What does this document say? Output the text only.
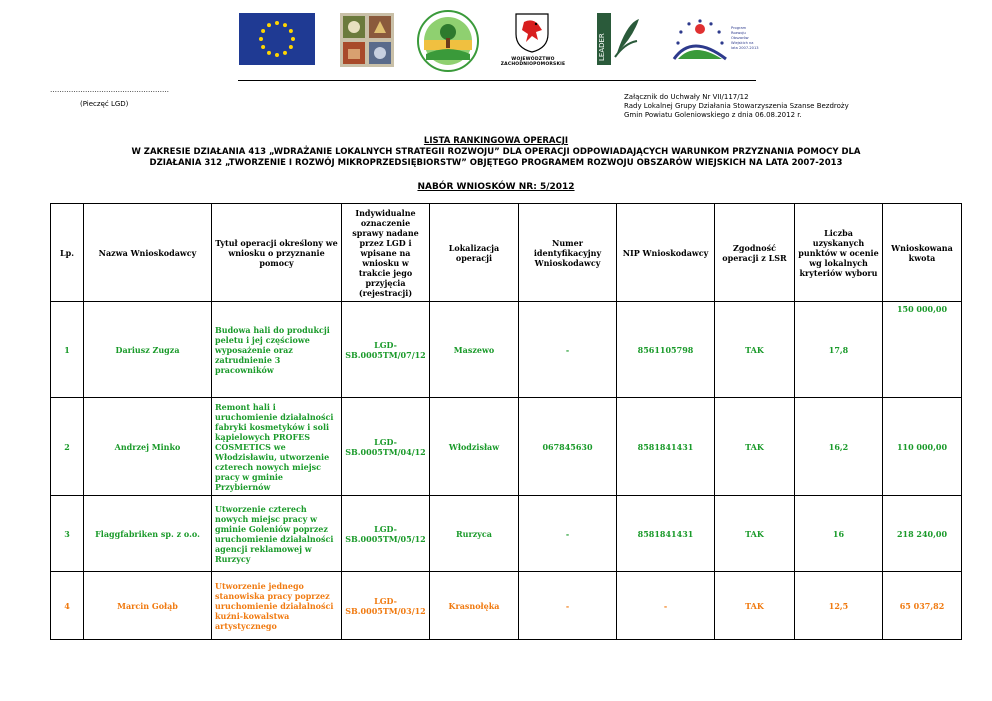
WOJEWÓDZTWO
ZACHODNIOPOMORSKIE
LEADER
Program Rozwoju Obszarów Wiejskich na lata 2007-2013
……………………………………………
(Pieczęć LGD)
Załącznik do Uchwały Nr VII/117/12
Rady Lokalnej Grupy Działania Stowarzyszenia Szanse Bezdroży
Gmin Powiatu Goleniowskiego z dnia 06.08.2012 r.
LISTA RANKINGOWA OPERACJI
W ZAKRESIE DZIAŁANIA 413 „WDRAŻANIE LOKALNYCH STRATEGII ROZWOJU” DLA OPERACJI ODPOWIADAJĄCYCH WARUNKOM PRZYZNANIA POMOCY DLA
DZIAŁANIA 312 „TWORZENIE I ROZWÓJ MIKROPRZEDSIĘBIORSTW” OBJĘTEGO PROGRAMEM ROZWOJU OBSZARÓW WIEJSKICH NA LATA 2007-2013
NABÓR WNIOSKÓW NR: 5/2012
Lp.	Nazwa Wnioskodawcy	Tytuł operacji określony we wniosku o przyznanie pomocy	Indywidualne oznaczenie sprawy nadane przez LGD i wpisane na wniosku w trakcie jego przyjęcia (rejestracji)	Lokalizacja operacji	Numer identyfikacyjny Wnioskodawcy	NIP Wnioskodawcy	Zgodność operacji z LSR	Liczba uzyskanych punktów w ocenie wg lokalnych kryteriów wyboru	Wnioskowana kwota
1	Dariusz Zugza	Budowa hali do produkcji peletu i jej częściowe wyposażenie oraz zatrudnienie 3 pracowników	LGD-SB.0005TM/07/12	Maszewo	-	8561105798	TAK	17,8	150 000,00
2	Andrzej Minko	Remont hali i uruchomienie działalności fabryki kosmetyków i soli kąpielowych PROFES COSMETICS we Włodzisławiu, utworzenie czterech nowych miejsc pracy w gminie Przybiernów	LGD-SB.0005TM/04/12	Włodzisław	067845630	8581841431	TAK	16,2	110 000,00
3	Flaggfabriken sp. z o.o.	Utworzenie czterech nowych miejsc pracy w gminie Goleniów poprzez uruchomienie działalności agencji reklamowej w Rurzycy	LGD-SB.0005TM/05/12	Rurzyca	-	8581841431	TAK	16	218 240,00
4	Marcin Gołąb	Utworzenie jednego stanowiska pracy poprzez uruchomienie działalności kuźni-kowalstwa artystycznego	LGD-SB.0005TM/03/12	Krasnołęka	-	-	TAK	12,5	65 037,82
